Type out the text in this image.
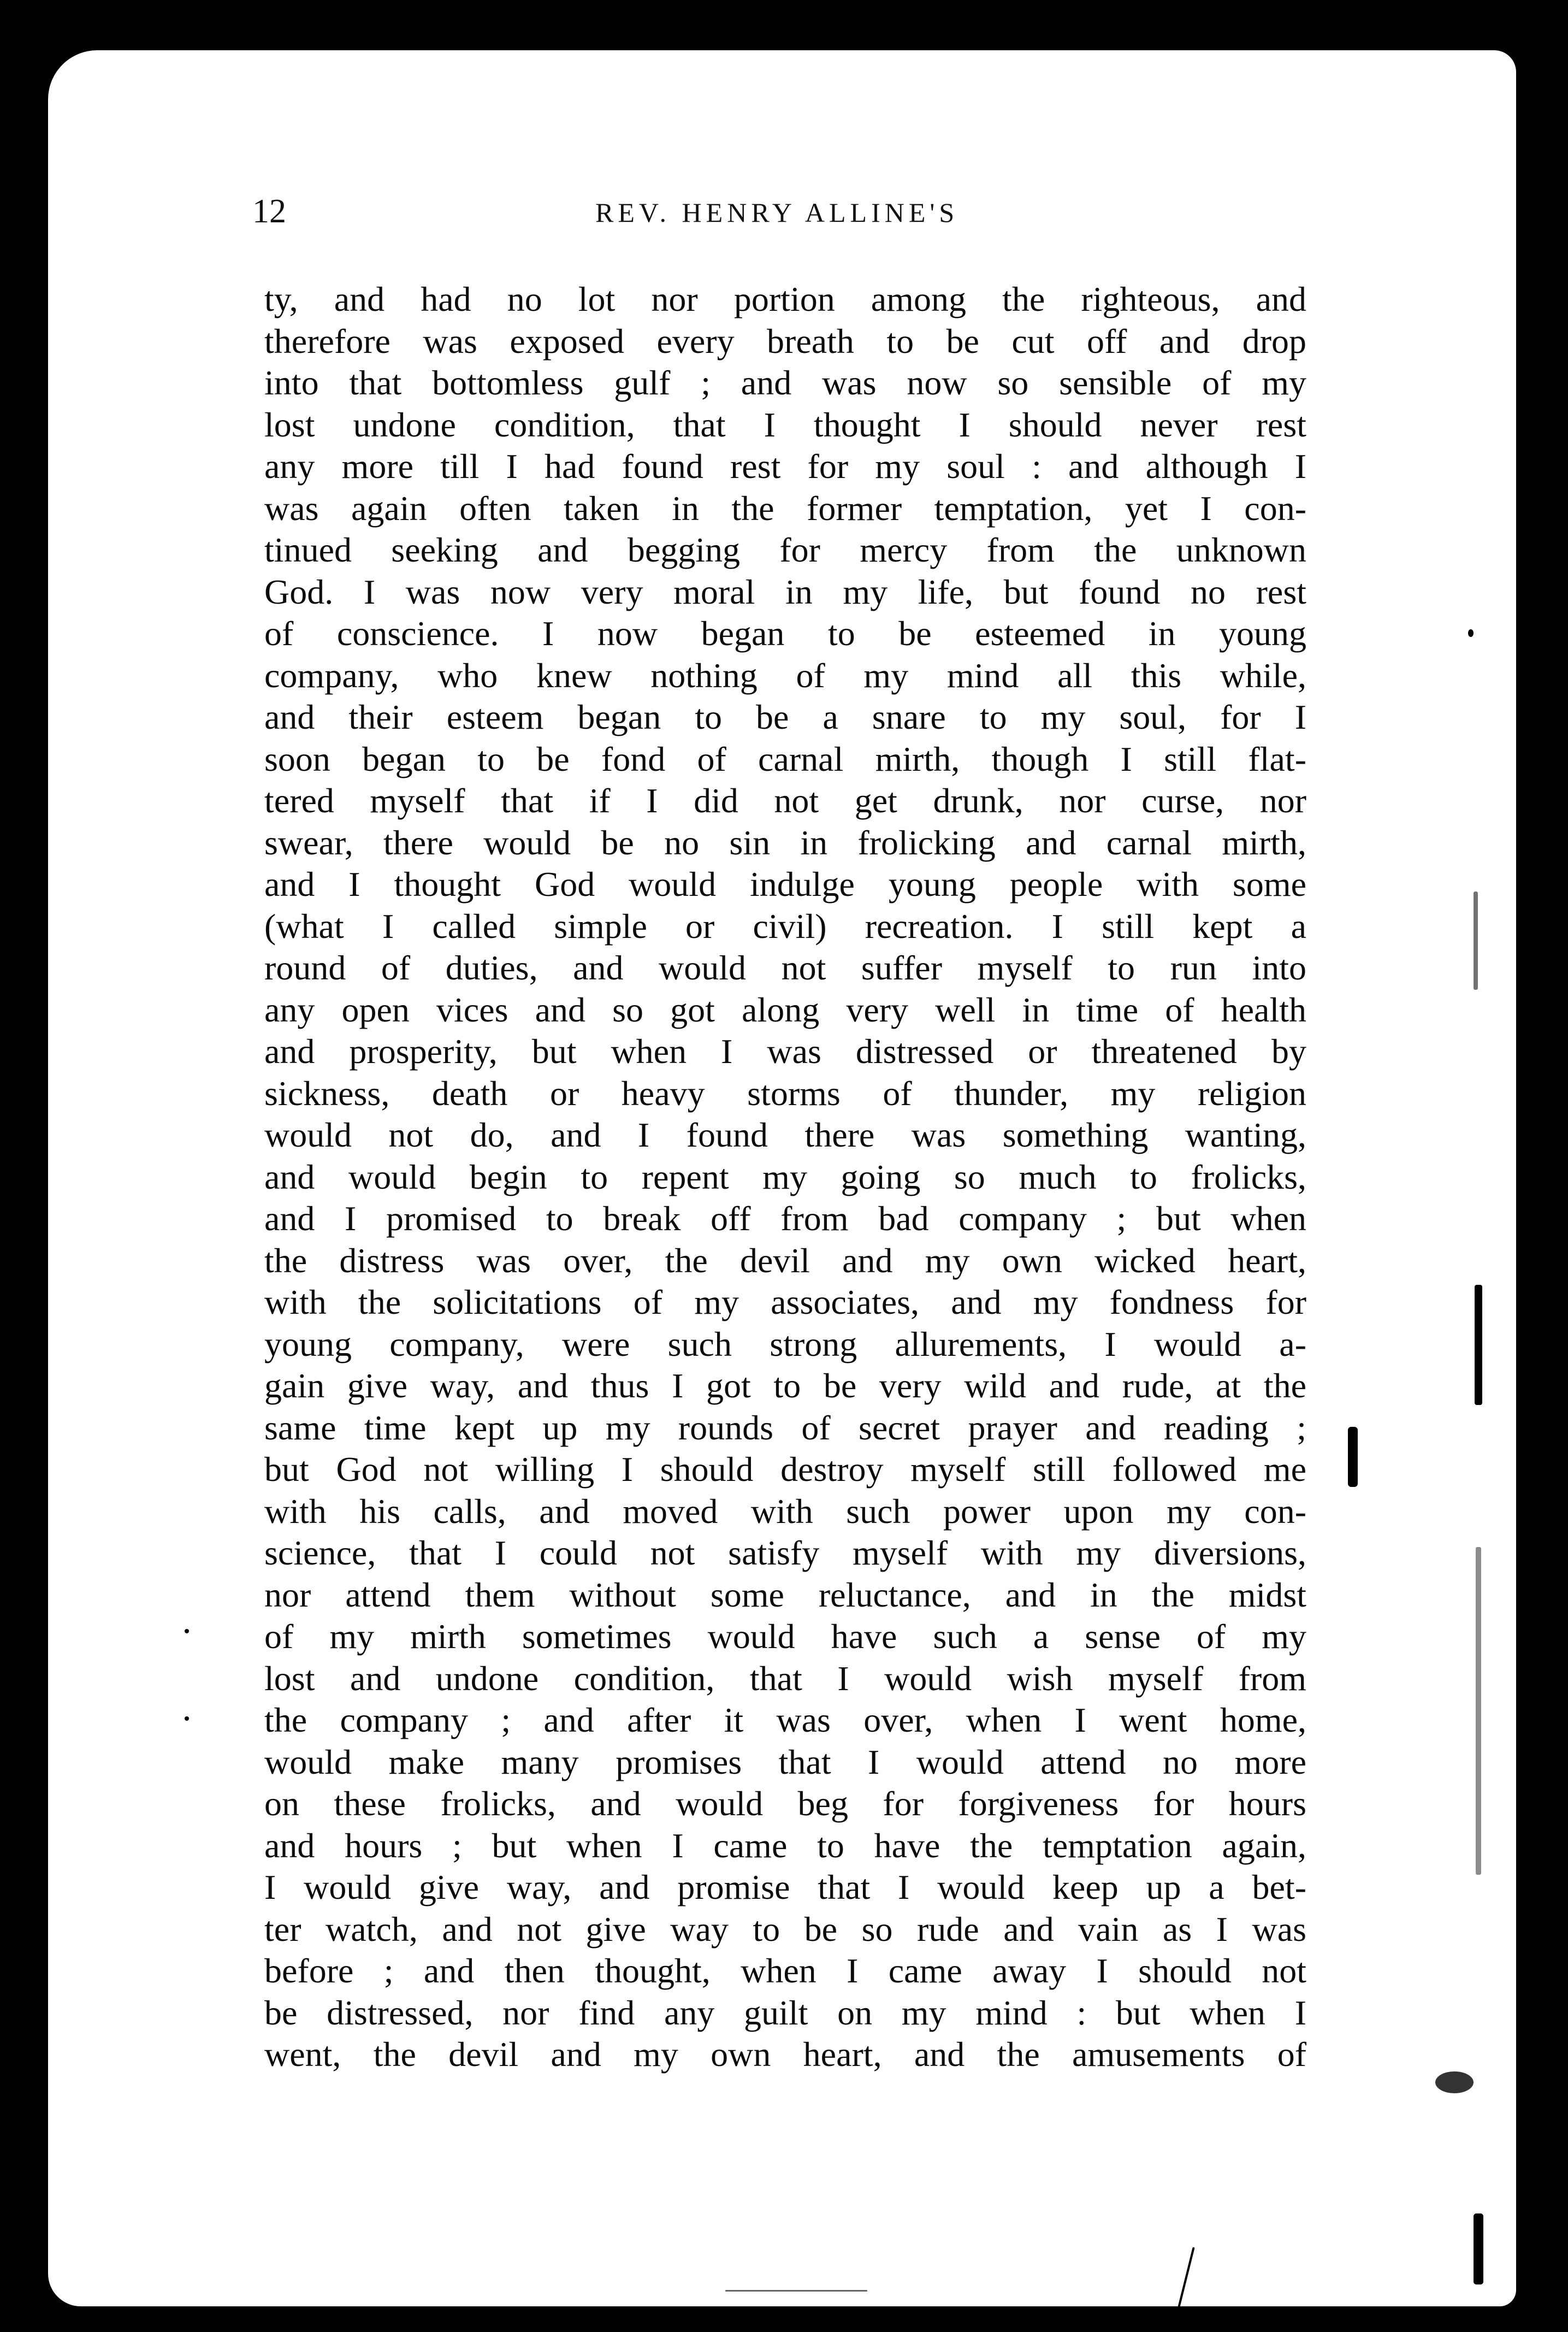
12	REV. HENRY ALLINE'S
ty, and had no lot nor portion among the righteous, and
therefore was exposed every breath to be cut off and drop
into that bottomless gulf ; and was now so sensible of my
lost undone condition, that I thought I should never rest
any more till I had found rest for my soul : and although I
was again often taken in the former temptation, yet I con-
tinued seeking and begging for mercy from the unknown
God. I was now very moral in my life, but found no rest
of conscience. I now began to be esteemed in young
company, who knew nothing of my mind all this while,
and their esteem began to be a snare to my soul, for I
soon began to be fond of carnal mirth, though I still flat-
tered myself that if I did not get drunk, nor curse, nor
swear, there would be no sin in frolicking and carnal mirth,
and I thought God would indulge young people with some
(what I called simple or civil) recreation. I still kept a
round of duties, and would not suffer myself to run into
any open vices and so got along very well in time of health
and prosperity, but when I was distressed or threatened by
sickness, death or heavy storms of thunder, my religion
would not do, and I found there was something wanting,
and would begin to repent my going so much to frolicks,
and I promised to break off from bad company ; but when
the distress was over, the devil and my own wicked heart,
with the solicitations of my associates, and my fondness for
young company, were such strong allurements, I would a-
gain give way, and thus I got to be very wild and rude, at the
same time kept up my rounds of secret prayer and reading ;
but God not willing I should destroy myself still followed me
with his calls, and moved with such power upon my con-
science, that I could not satisfy myself with my diversions,
nor attend them without some reluctance, and in the midst
of my mirth sometimes would have such a sense of my
lost and undone condition, that I would wish myself from
the company ; and after it was over, when I went home,
would make many promises that I would attend no more
on these frolicks, and would beg for forgiveness for hours
and hours ; but when I came to have the temptation again,
I would give way, and promise that I would keep up a bet-
ter watch, and not give way to be so rude and vain as I was
before ; and then thought, when I came away I should not
be distressed, nor find any guilt on my mind : but when I
went, the devil and my own heart, and the amusements of
